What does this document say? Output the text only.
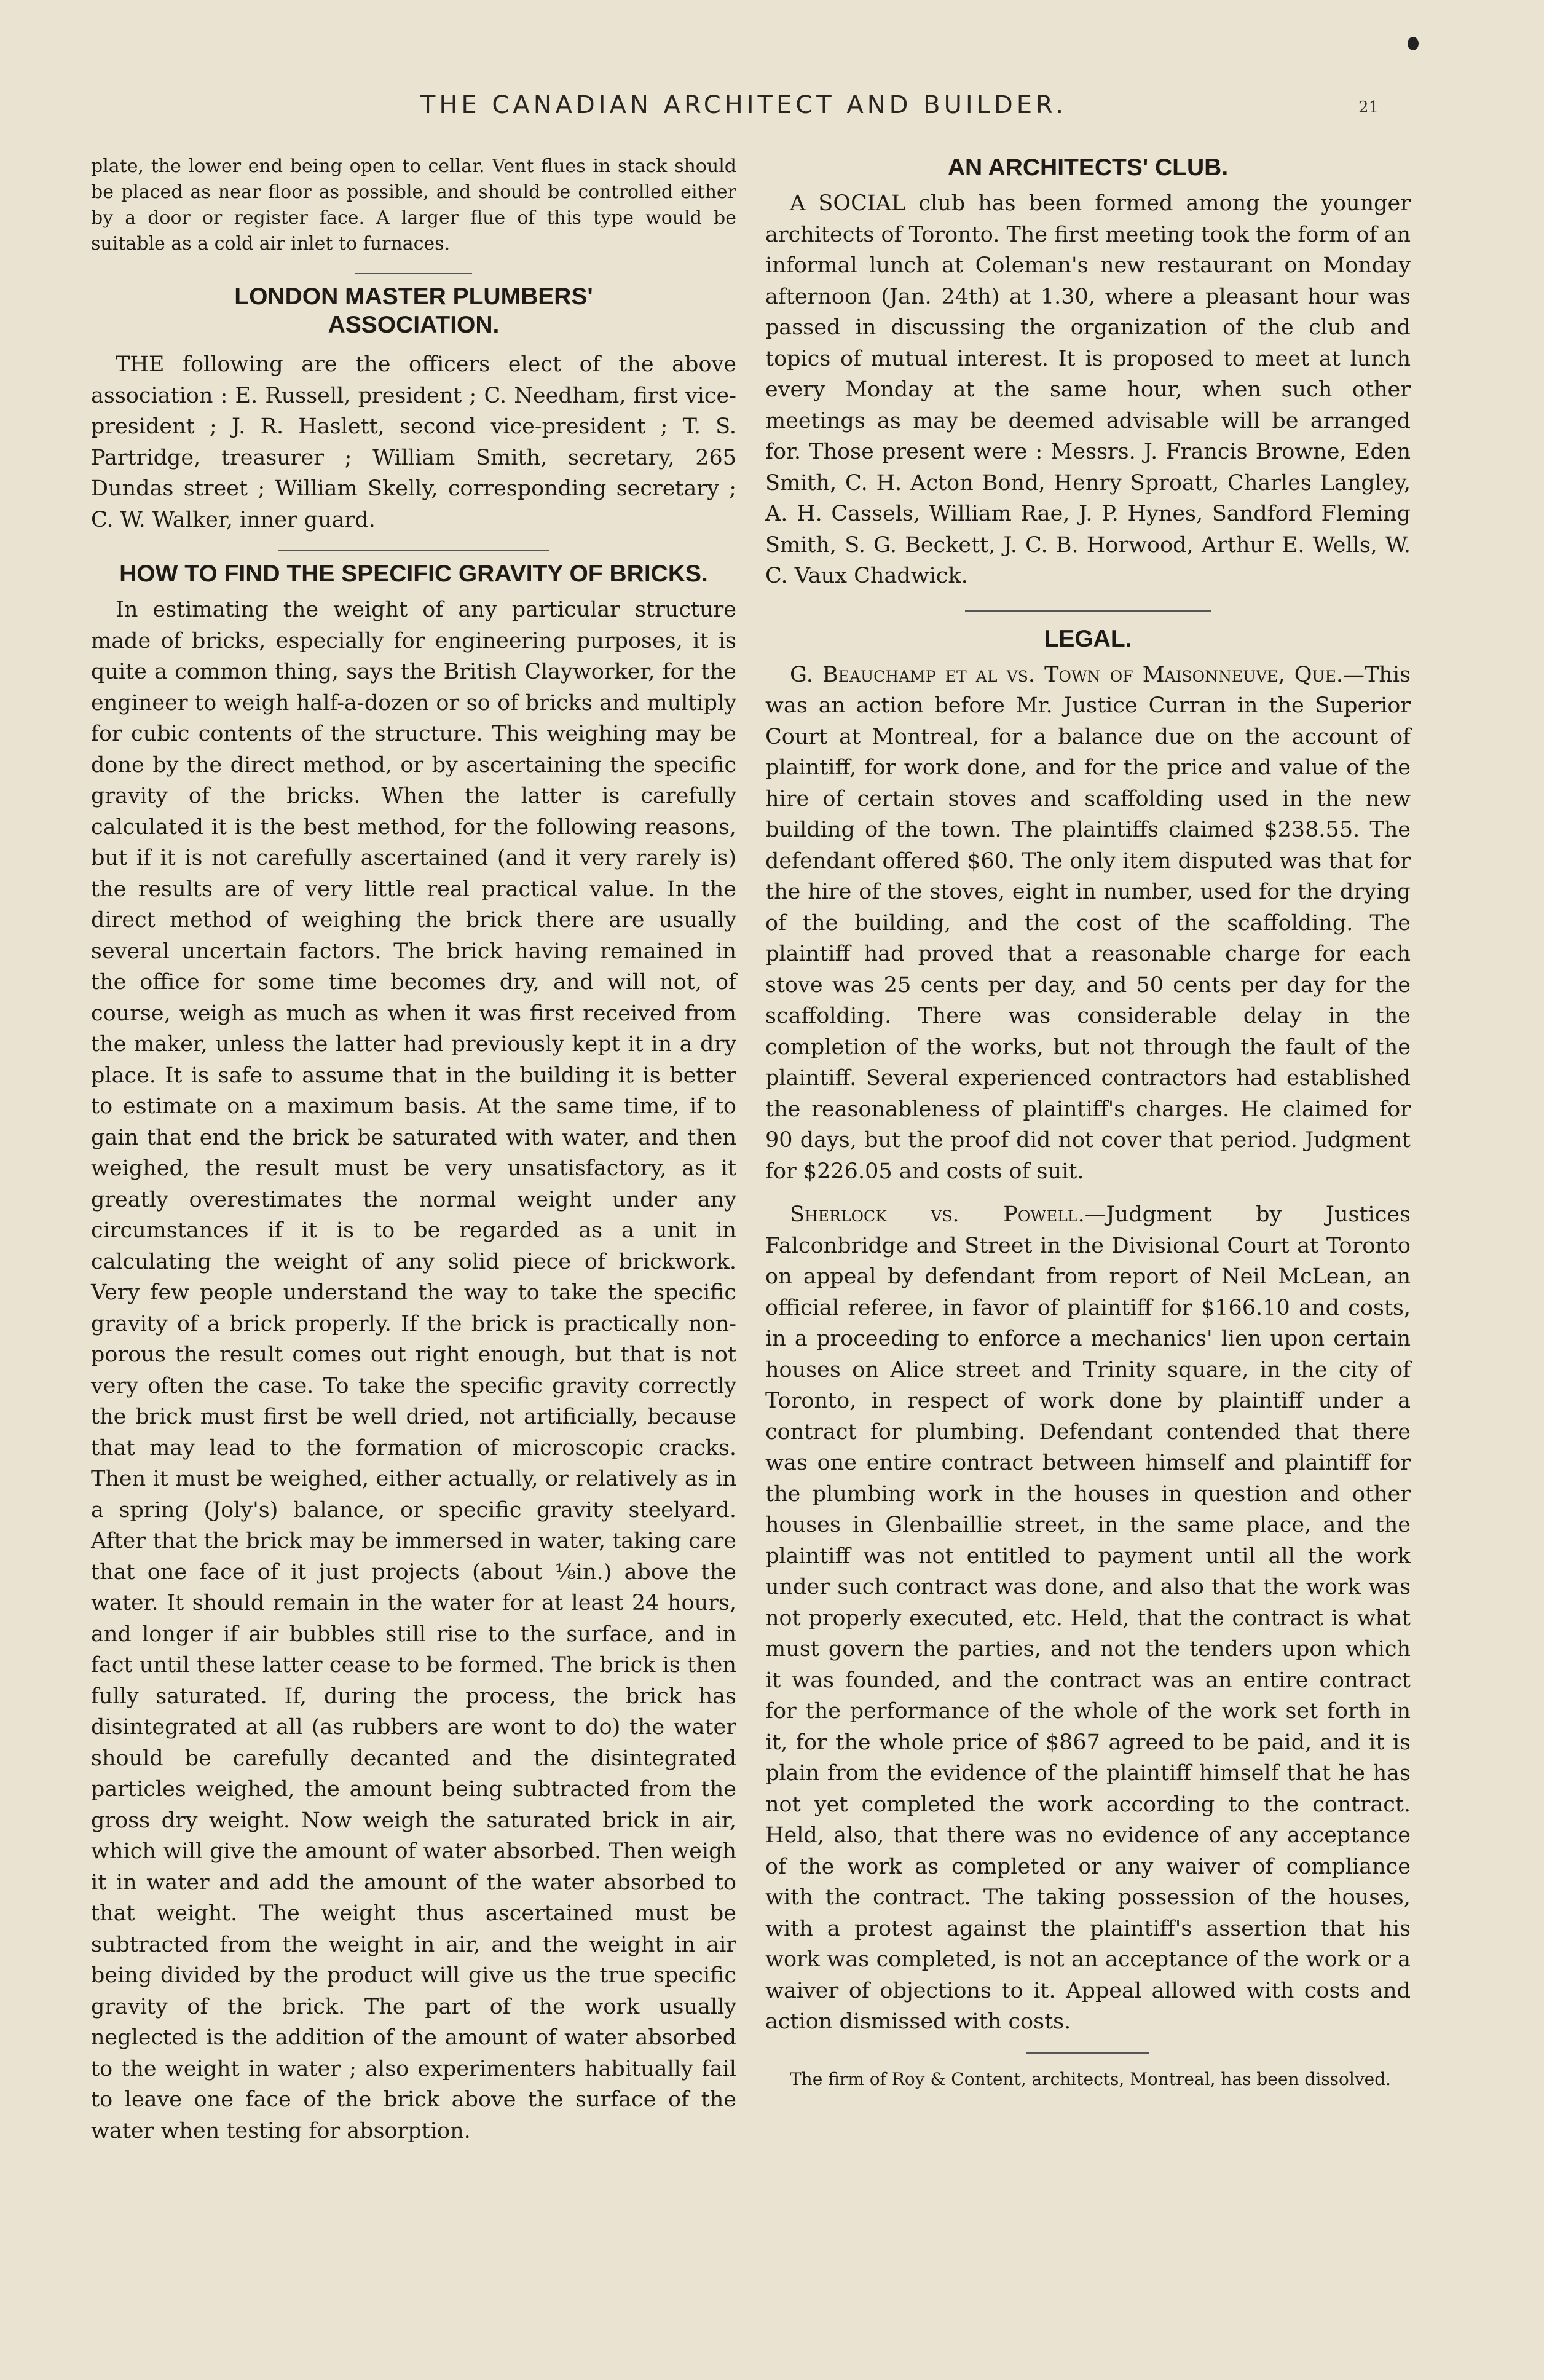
THE CANADIAN ARCHITECT AND BUILDER.	21

plate, the lower end being open to cellar. Vent flues in stack should be placed as near floor as possible, and should be controlled either by a door or register face. A larger flue of this type would be suitable as a cold air inlet to furnaces.

LONDON MASTER PLUMBERS' ASSOCIATION.

THE following are the officers elect of the above association : E. Russell, president ; C. Needham, first vice-president ; J. R. Haslett, second vice-president ; T. S. Partridge, treasurer ; William Smith, secretary, 265 Dundas street ; William Skelly, corresponding secretary ; C. W. Walker, inner guard.

HOW TO FIND THE SPECIFIC GRAVITY OF BRICKS.

In estimating the weight of any particular structure made of bricks, especially for engineering purposes, it is quite a common thing, says the British Clayworker, for the engineer to weigh half-a-dozen or so of bricks and multiply for cubic contents of the structure. This weighing may be done by the direct method, or by ascertaining the specific gravity of the bricks. When the latter is carefully calculated it is the best method, for the following reasons, but if it is not carefully ascertained (and it very rarely is) the results are of very little real practical value. In the direct method of weighing the brick there are usually several uncertain factors. The brick having remained in the office for some time becomes dry, and will not, of course, weigh as much as when it was first received from the maker, unless the latter had previously kept it in a dry place. It is safe to assume that in the building it is better to estimate on a maximum basis. At the same time, if to gain that end the brick be saturated with water, and then weighed, the result must be very unsatisfactory, as it greatly overestimates the normal weight under any circumstances if it is to be regarded as a unit in calculating the weight of any solid piece of brickwork. Very few people understand the way to take the specific gravity of a brick properly. If the brick is practically non-porous the result comes out right enough, but that is not very often the case. To take the specific gravity correctly the brick must first be well dried, not artificially, because that may lead to the formation of microscopic cracks. Then it must be weighed, either actually, or relatively as in a spring (Joly's) balance, or specific gravity steelyard. After that the brick may be immersed in water, taking care that one face of it just projects (about ⅛in.) above the water. It should remain in the water for at least 24 hours, and longer if air bubbles still rise to the surface, and in fact until these latter cease to be formed. The brick is then fully saturated. If, during the process, the brick has disintegrated at all (as rubbers are wont to do) the water should be carefully decanted and the disintegrated particles weighed, the amount being subtracted from the gross dry weight. Now weigh the saturated brick in air, which will give the amount of water absorbed. Then weigh it in water and add the amount of the water absorbed to that weight. The weight thus ascertained must be subtracted from the weight in air, and the weight in air being divided by the product will give us the true specific gravity of the brick. The part of the work usually neglected is the addition of the amount of water absorbed to the weight in water ; also experimenters habitually fail to leave one face of the brick above the surface of the water when testing for absorption.

AN ARCHITECTS' CLUB.

A SOCIAL club has been formed among the younger architects of Toronto. The first meeting took the form of an informal lunch at Coleman's new restaurant on Monday afternoon (Jan. 24th) at 1.30, where a pleasant hour was passed in discussing the organization of the club and topics of mutual interest. It is proposed to meet at lunch every Monday at the same hour, when such other meetings as may be deemed advisable will be arranged for. Those present were : Messrs. J. Francis Browne, Eden Smith, C. H. Acton Bond, Henry Sproatt, Charles Langley, A. H. Cassels, William Rae, J. P. Hynes, Sandford Fleming Smith, S. G. Beckett, J. C. B. Horwood, Arthur E. Wells, W. C. Vaux Chadwick.

LEGAL.

G. Beauchamp et al vs. Town of Maisonneuve, Que.—This was an action before Mr. Justice Curran in the Superior Court at Montreal, for a balance due on the account of plaintiff, for work done, and for the price and value of the hire of certain stoves and scaffolding used in the new building of the town. The plaintiffs claimed $238.55. The defendant offered $60. The only item disputed was that for the hire of the stoves, eight in number, used for the drying of the building, and the cost of the scaffolding. The plaintiff had proved that a reasonable charge for each stove was 25 cents per day, and 50 cents per day for the scaffolding. There was considerable delay in the completion of the works, but not through the fault of the plaintiff. Several experienced contractors had established the reasonableness of plaintiff's charges. He claimed for 90 days, but the proof did not cover that period. Judgment for $226.05 and costs of suit.

Sherlock vs. Powell.—Judgment by Justices Falconbridge and Street in the Divisional Court at Toronto on appeal by defendant from report of Neil McLean, an official referee, in favor of plaintiff for $166.10 and costs, in a proceeding to enforce a mechanics' lien upon certain houses on Alice street and Trinity square, in the city of Toronto, in respect of work done by plaintiff under a contract for plumbing. Defendant contended that there was one entire contract between himself and plaintiff for the plumbing work in the houses in question and other houses in Glenbaillie street, in the same place, and the plaintiff was not entitled to payment until all the work under such contract was done, and also that the work was not properly executed, etc. Held, that the contract is what must govern the parties, and not the tenders upon which it was founded, and the contract was an entire contract for the performance of the whole of the work set forth in it, for the whole price of $867 agreed to be paid, and it is plain from the evidence of the plaintiff himself that he has not yet completed the work according to the contract. Held, also, that there was no evidence of any acceptance of the work as completed or any waiver of compliance with the contract. The taking possession of the houses, with a protest against the plaintiff's assertion that his work was completed, is not an acceptance of the work or a waiver of objections to it. Appeal allowed with costs and action dismissed with costs.

The firm of Roy & Content, architects, Montreal, has been dissolved.
